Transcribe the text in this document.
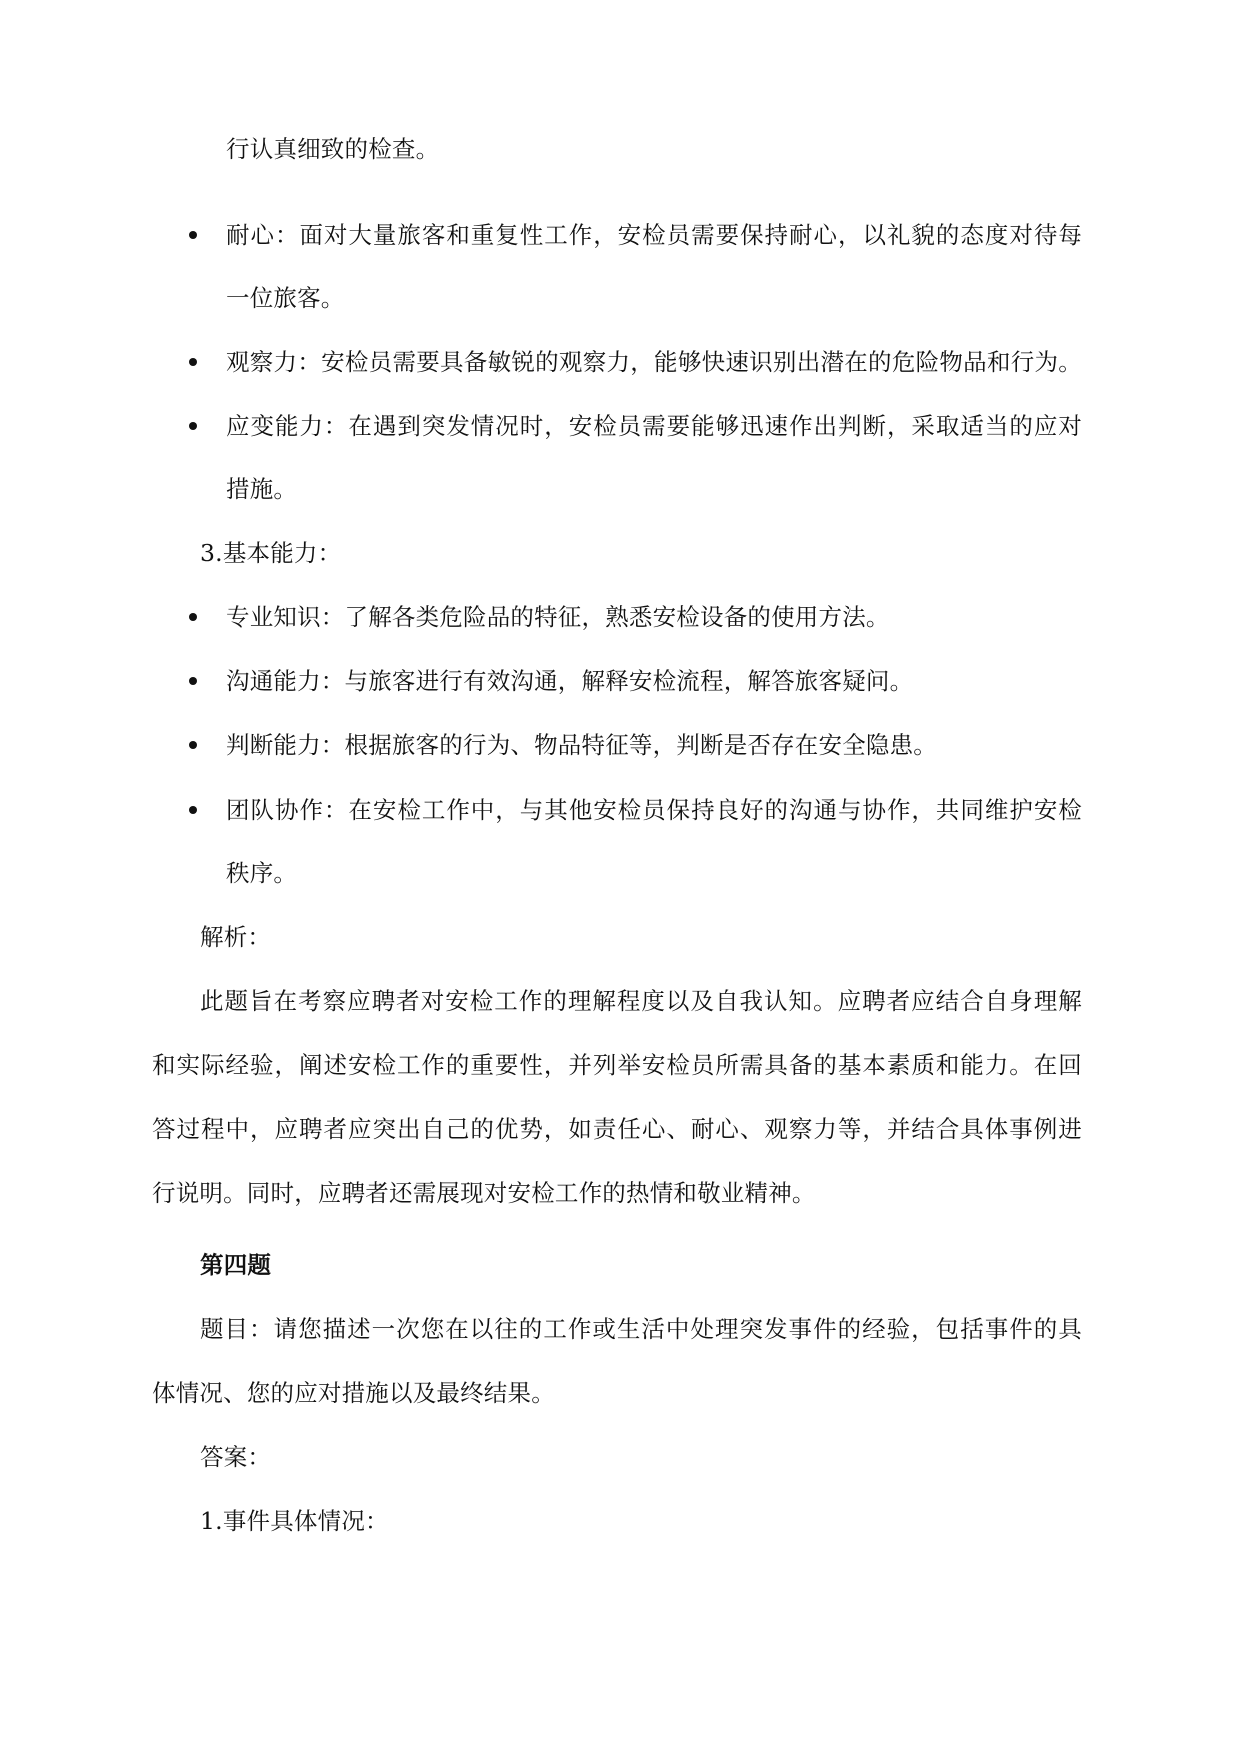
行认真细致的检查。
耐心：面对大量旅客和重复性工作，安检员需要保持耐心，以礼貌的态度对待每
一位旅客。
观察力：安检员需要具备敏锐的观察力，能够快速识别出潜在的危险物品和行为。
应变能力：在遇到突发情况时，安检员需要能够迅速作出判断，采取适当的应对
措施。
3.基本能力：
专业知识：了解各类危险品的特征，熟悉安检设备的使用方法。
沟通能力：与旅客进行有效沟通，解释安检流程，解答旅客疑问。
判断能力：根据旅客的行为、物品特征等，判断是否存在安全隐患。
团队协作：在安检工作中，与其他安检员保持良好的沟通与协作，共同维护安检
秩序。
解析：
此题旨在考察应聘者对安检工作的理解程度以及自我认知。应聘者应结合自身理解
和实际经验，阐述安检工作的重要性，并列举安检员所需具备的基本素质和能力。在回
答过程中，应聘者应突出自己的优势，如责任心、耐心、观察力等，并结合具体事例进
行说明。同时，应聘者还需展现对安检工作的热情和敬业精神。
第四题
题目：请您描述一次您在以往的工作或生活中处理突发事件的经验，包括事件的具
体情况、您的应对措施以及最终结果。
答案：
1.事件具体情况：
